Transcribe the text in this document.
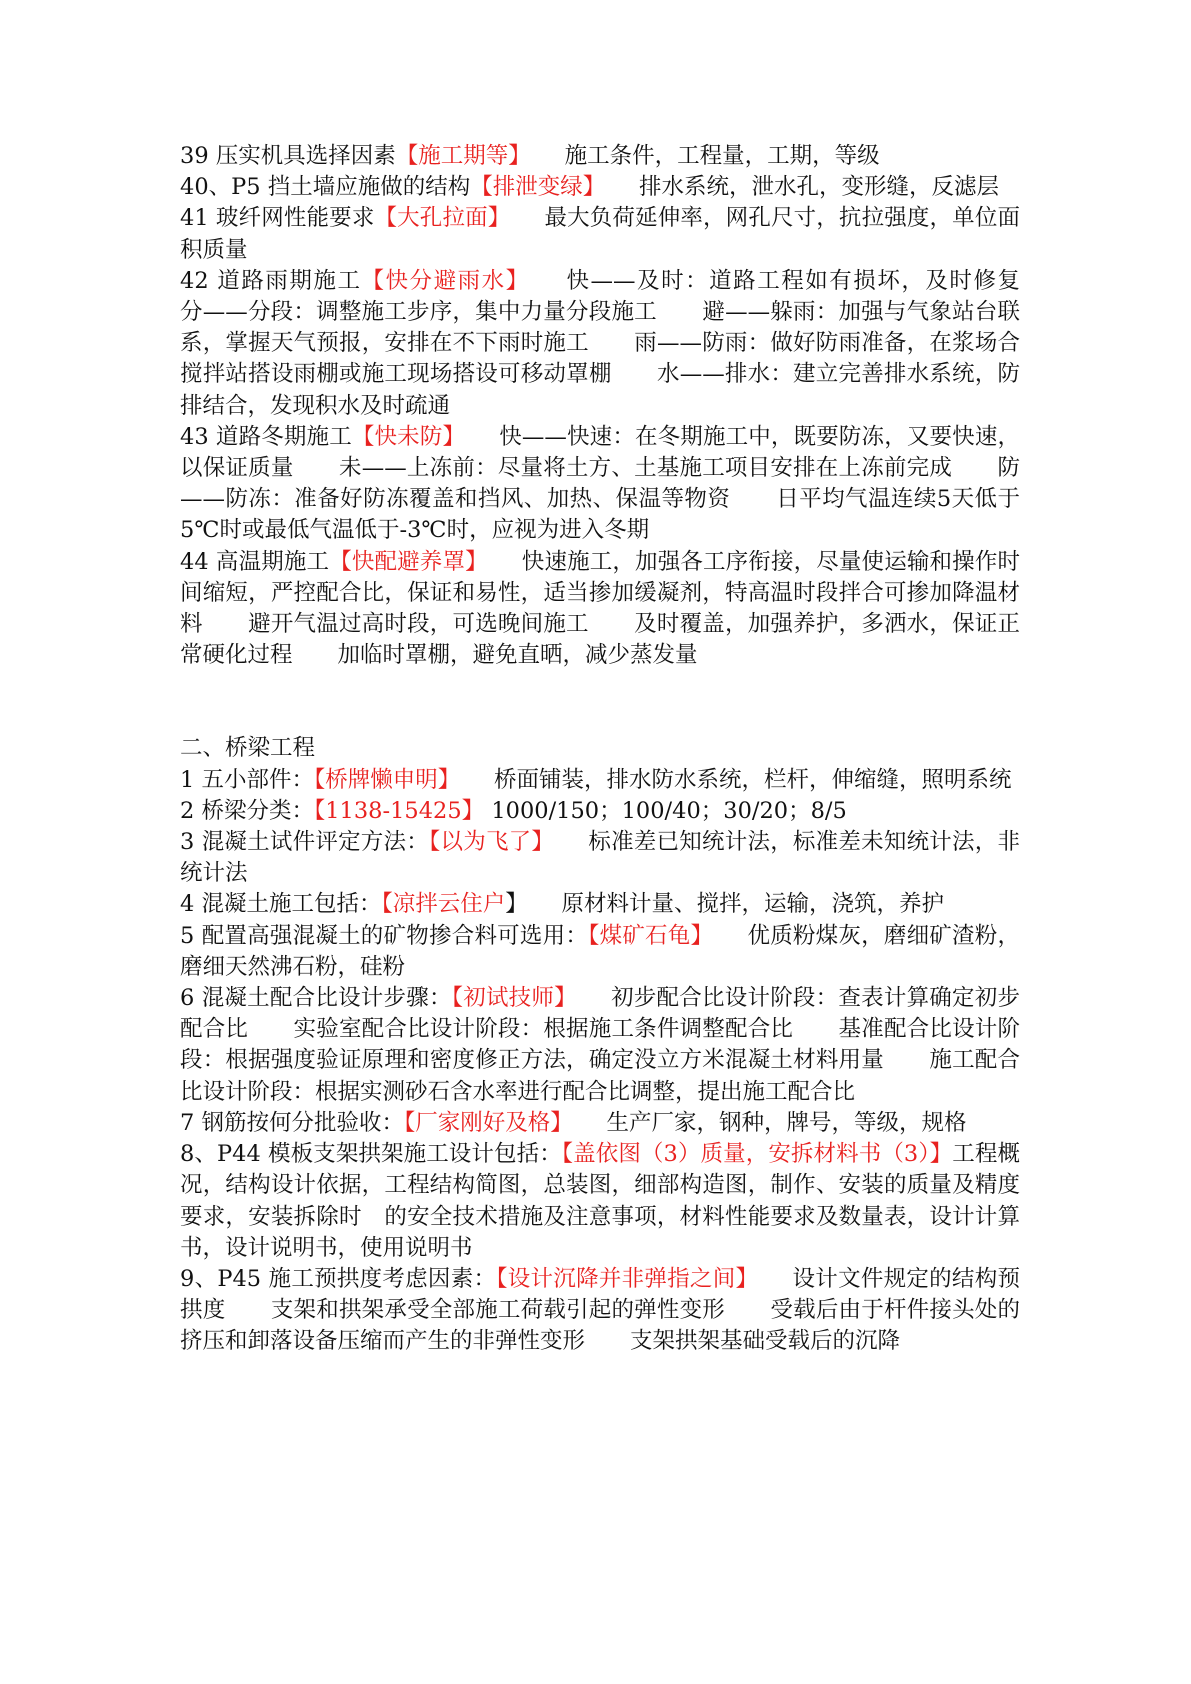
39 压实机具选择因素【施工期等】　　施工条件，工程量，工期，等级

40、P5 挡土墙应施做的结构【排泄变绿】　　排水系统，泄水孔，变形缝，反滤层

41 玻纤网性能要求【大孔拉面】　　最大负荷延伸率，网孔尺寸，抗拉强度，单位面积质量

42 道路雨期施工【快分避雨水】　　快——及时：道路工程如有损坏，及时修复　　分——分段：调整施工步序，集中力量分段施工　　避——躲雨：加强与气象站台联系，掌握天气预报，安排在不下雨时施工　　雨——防雨：做好防雨准备，在浆场合搅拌站搭设雨棚或施工现场搭设可移动罩棚　　水——排水：建立完善排水系统，防排结合，发现积水及时疏通

43 道路冬期施工【快未防】　　快——快速：在冬期施工中，既要防冻，又要快速，以保证质量　　未——上冻前：尽量将土方、土基施工项目安排在上冻前完成　　防——防冻：准备好防冻覆盖和挡风、加热、保温等物资　　日平均气温连续5天低于5℃时或最低气温低于-3℃时，应视为进入冬期

44 高温期施工【快配避养罩】　　快速施工，加强各工序衔接，尽量使运输和操作时间缩短，严控配合比，保证和易性，适当掺加缓凝剂，特高温时段拌合可掺加降温材料　　避开气温过高时段，可选晚间施工　　及时覆盖，加强养护，多洒水，保证正常硬化过程　　加临时罩棚，避免直晒，减少蒸发量

二、桥梁工程

1 五小部件：【桥牌懒申明】　　桥面铺装，排水防水系统，栏杆，伸缩缝，照明系统

2 桥梁分类：【1138-15425】 1000/150；100/40；30/20；8/5

3 混凝土试件评定方法：【以为飞了】　　标准差已知统计法，标准差未知统计法，非统计法

4 混凝土施工包括：【凉拌云住户】　　原材料计量、搅拌，运输，浇筑，养护

5 配置高强混凝土的矿物掺合料可选用：【煤矿石龟】　　优质粉煤灰，磨细矿渣粉，磨细天然沸石粉，硅粉

6 混凝土配合比设计步骤：【初试技师】　　初步配合比设计阶段：查表计算确定初步配合比　　实验室配合比设计阶段：根据施工条件调整配合比　　基准配合比设计阶段：根据强度验证原理和密度修正方法，确定没立方米混凝土材料用量　　施工配合比设计阶段：根据实测砂石含水率进行配合比调整，提出施工配合比

7 钢筋按何分批验收：【厂家刚好及格】　　生产厂家，钢种，牌号，等级，规格

8、P44 模板支架拱架施工设计包括：【盖依图（3）质量，安拆材料书（3）】工程概况，结构设计依据，工程结构简图，总装图，细部构造图，制作、安装的质量及精度要求，安装拆除时　的安全技术措施及注意事项，材料性能要求及数量表，设计计算书，设计说明书，使用说明书

9、P45 施工预拱度考虑因素：【设计沉降并非弹指之间】　　设计文件规定的结构预拱度　　支架和拱架承受全部施工荷载引起的弹性变形　　受载后由于杆件接头处的挤压和卸落设备压缩而产生的非弹性变形　　支架拱架基础受载后的沉降
